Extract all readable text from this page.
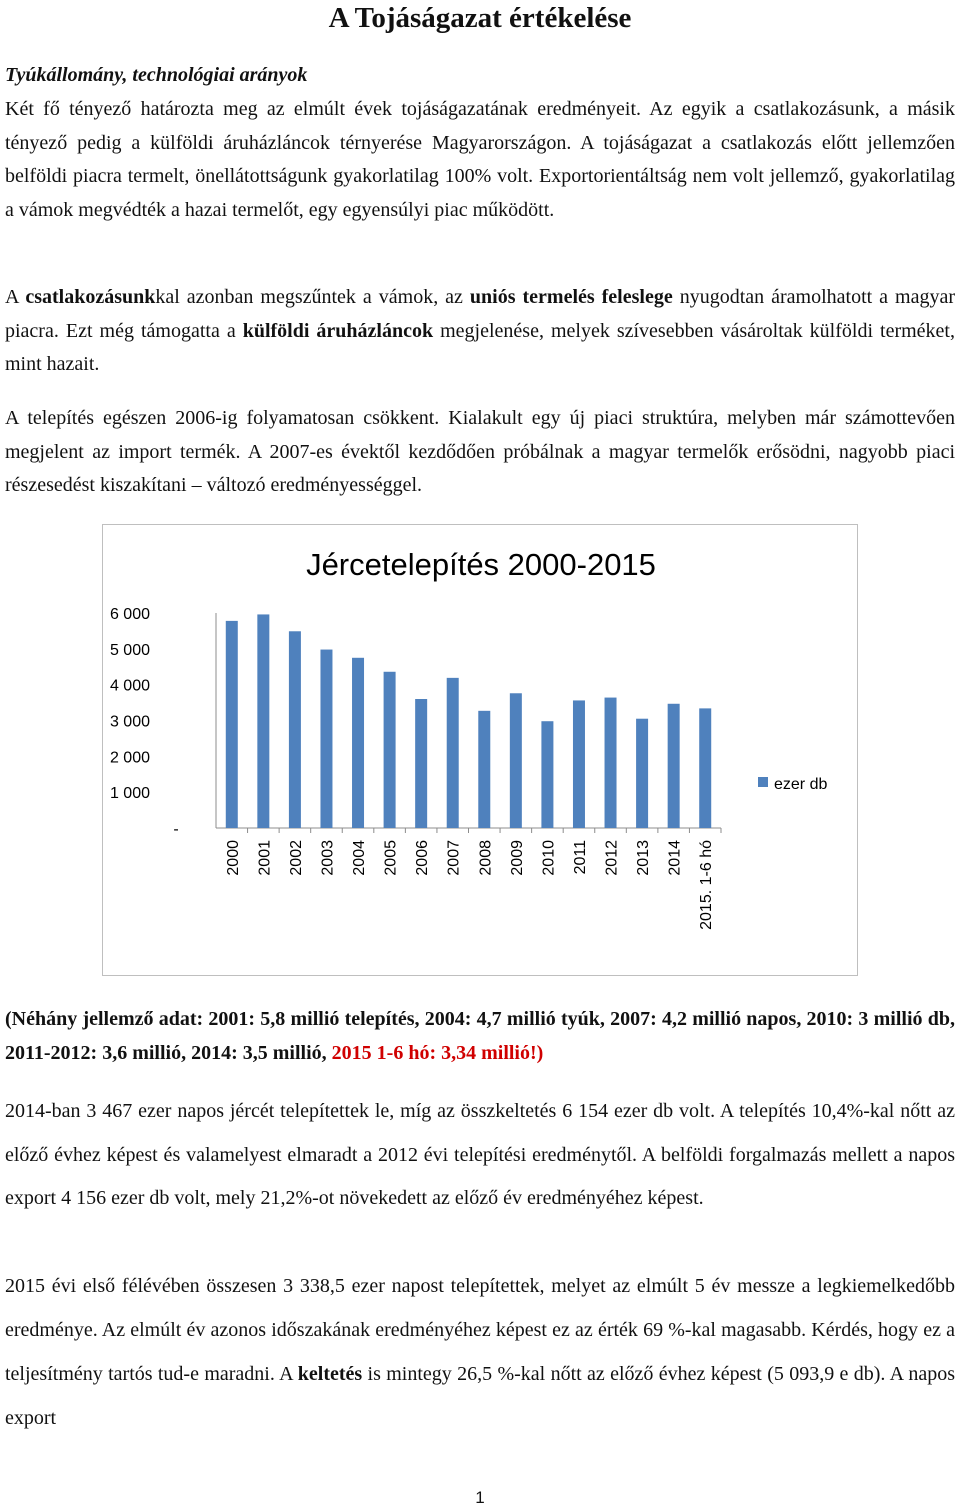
A Tojáságazat értékelése
Tyúkállomány, technológiai arányok

Két fő tényező határozta meg az elmúlt évek tojáságazatának eredményeit. Az egyik a csatlakozásunk, a másik tényező pedig a külföldi áruházláncok térnyerése Magyarországon. A tojáságazat a csatlakozás előtt jellemzően belföldi piacra termelt, önellátottságunk gyakorlatilag 100% volt. Exportorientáltság nem volt jellemző, gyakorlatilag a vámok megvédték a hazai termelőt, egy egyensúlyi piac működött.

A csatlakozásunkkal azonban megszűntek a vámok, az uniós termelés feleslege nyugodtan áramolhatott a magyar piacra. Ezt még támogatta a külföldi áruházláncok megjelenése, melyek szívesebben vásároltak külföldi terméket, mint hazait.

A telepítés egészen 2006-ig folyamatosan csökkent. Kialakult egy új piaci struktúra, melyben már számottevően megjelent az import termék. A 2007-es évektől kezdődően próbálnak a magyar termelők erősödni, nagyobb piaci részesedést kiszakítani – változó eredményességgel.

Jércetelepítés 2000-2015
-
1 000
2 000
3 000
4 000
5 000
6 000
2000 2001 2002 2003 2004 2005 2006 2007 2008 2009 2010 2011 2012 2013 2014 2015. 1-6 hó
ezer db

(Néhány jellemző adat: 2001: 5,8 millió telepítés, 2004: 4,7 millió tyúk, 2007: 4,2 millió napos, 2010: 3 millió db, 2011-2012: 3,6 millió, 2014: 3,5 millió, 2015 1-6 hó: 3,34 millió!)

2014-ban 3 467 ezer napos jércét telepítettek le, míg az összkeltetés 6 154 ezer db volt. A telepítés 10,4%-kal nőtt az előző évhez képest és valamelyest elmaradt a 2012 évi telepítési eredménytől. A belföldi forgalmazás mellett a napos export 4 156 ezer db volt, mely 21,2%-ot növekedett az előző év eredményéhez képest.

2015 évi első félévében összesen 3 338,5 ezer napost telepítettek, melyet az elmúlt 5 év messze a legkiemelkedőbb eredménye. Az elmúlt év azonos időszakának eredményéhez képest ez az érték 69 %-kal magasabb. Kérdés, hogy ez a teljesítmény tartós tud-e maradni. A keltetés is mintegy 26,5 %-kal nőtt az előző évhez képest (5 093,9 e db). A napos export

1
